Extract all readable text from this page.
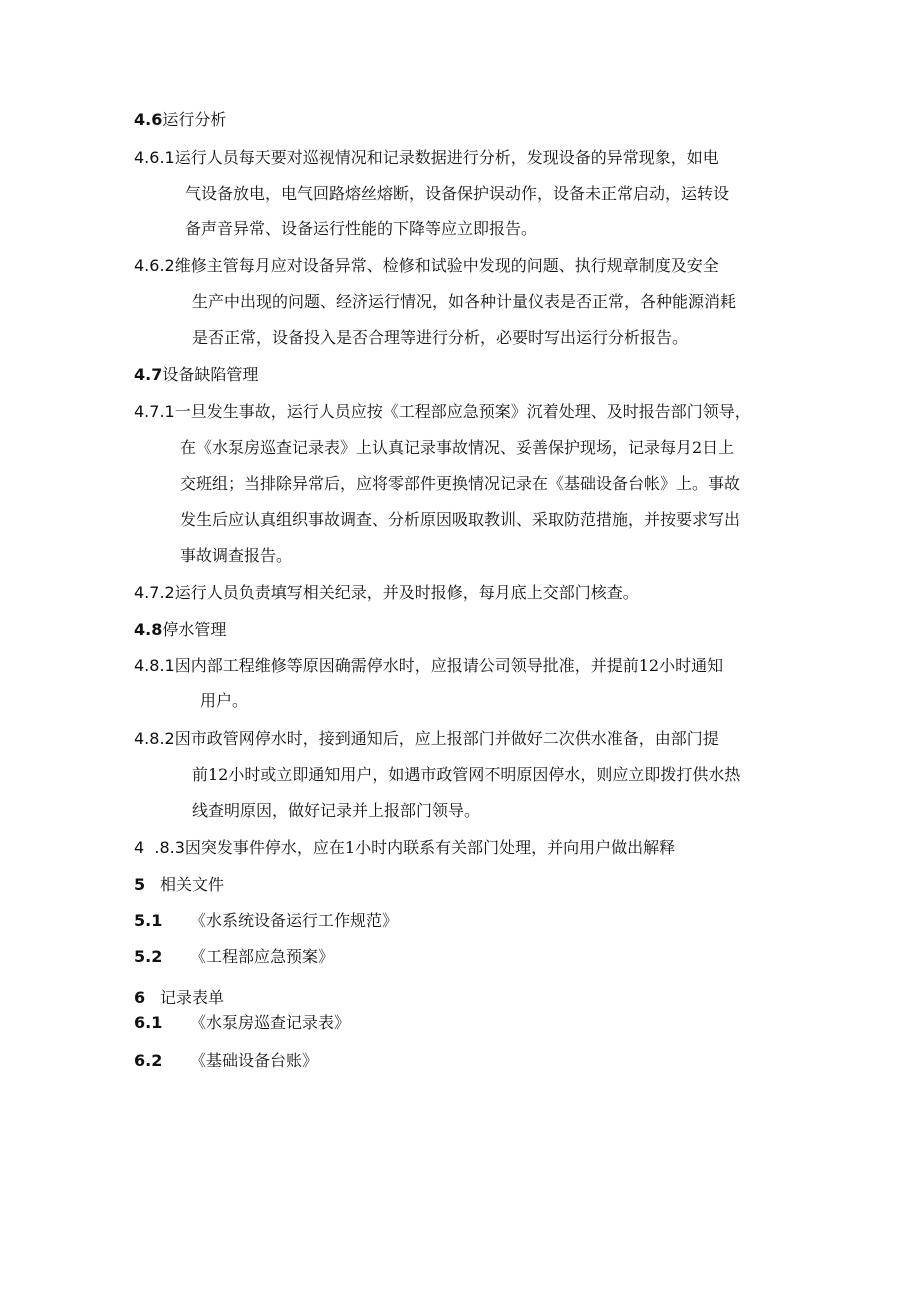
4.6运行分析
4.6.1运行人员每天要对巡视情况和记录数据进行分析，发现设备的异常现象，如电
气设备放电，电气回路熔丝熔断，设备保护误动作，设备未正常启动，运转设
备声音异常、设备运行性能的下降等应立即报告。
4.6.2维修主管每月应对设备异常、检修和试验中发现的问题、执行规章制度及安全
生产中出现的问题、经济运行情况，如各种计量仪表是否正常，各种能源消耗
是否正常，设备投入是否合理等进行分析，必要时写出运行分析报告。
4.7设备缺陷管理
4.7.1一旦发生事故，运行人员应按《工程部应急预案》沉着处理、及时报告部门领导，
在《水泵房巡查记录表》上认真记录事故情况、妥善保护现场，记录每月2日上
交班组；当排除异常后，应将零部件更换情况记录在《基础设备台帐》上。事故
发生后应认真组织事故调查、分析原因吸取教训、采取防范措施，并按要求写出
事故调查报告。
4.7.2运行人员负责填写相关纪录，并及时报修，每月底上交部门核查。
4.8停水管理
4.8.1因内部工程维修等原因确需停水时，应报请公司领导批准，并提前12小时通知
用户。
4.8.2因市政管网停水时，接到通知后，应上报部门并做好二次供水准备，由部门提
前12小时或立即通知用户，如遇市政管网不明原因停水，则应立即拨打供水热
线查明原因，做好记录并上报部门领导。
4  .8.3因突发事件停水，应在1小时内联系有关部门处理，并向用户做出解释
5 相关文件
5.1 《水系统设备运行工作规范》
5.2 《工程部应急预案》
6 记录表单
6.1 《水泵房巡查记录表》
6.2 《基础设备台账》
